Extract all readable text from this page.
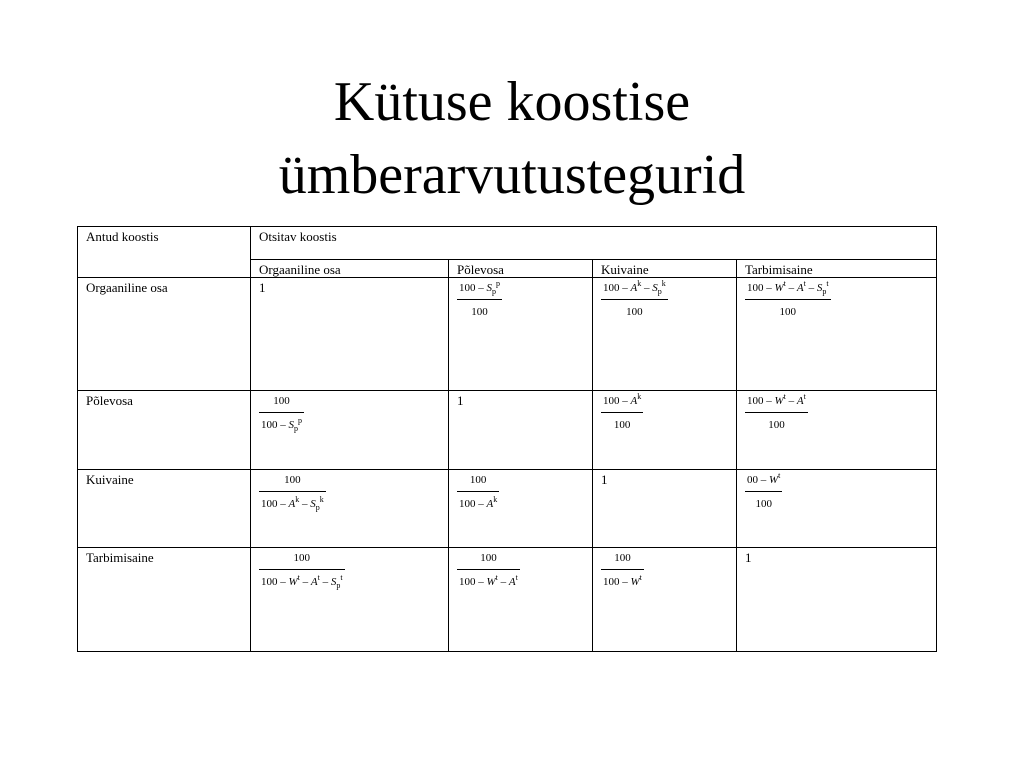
Kütuse koostise
ümberarvutustegurid
Antud koostis	Otsitav koostis			
	Orgaaniline osa	Põlevosa	Kuivaine	Tarbimisaine
Orgaaniline osa	1	$\frac{100 - S_p^p}{100}$	$\frac{100 - A^k - S_p^k}{100}$	$\frac{100 - W^t - A^t - S_p^t}{100}$

Põlevosa	$\frac{100}{100 - S_p^p}$	1	$\frac{100 - A^k}{100}$	$\frac{100 - W^t - A^t}{100}$

Kuivaine	$\frac{100}{100 - A^k - S_p^k}$	$\frac{100}{100 - A^k}$	1	$\frac{00 - W^t}{100}$

Tarbimisaine	$\frac{100}{100 - W^t - A^t - S_p^t}$	$\frac{100}{100 - W^t - A^t}$	$\frac{100}{100 - W^t}$	1
